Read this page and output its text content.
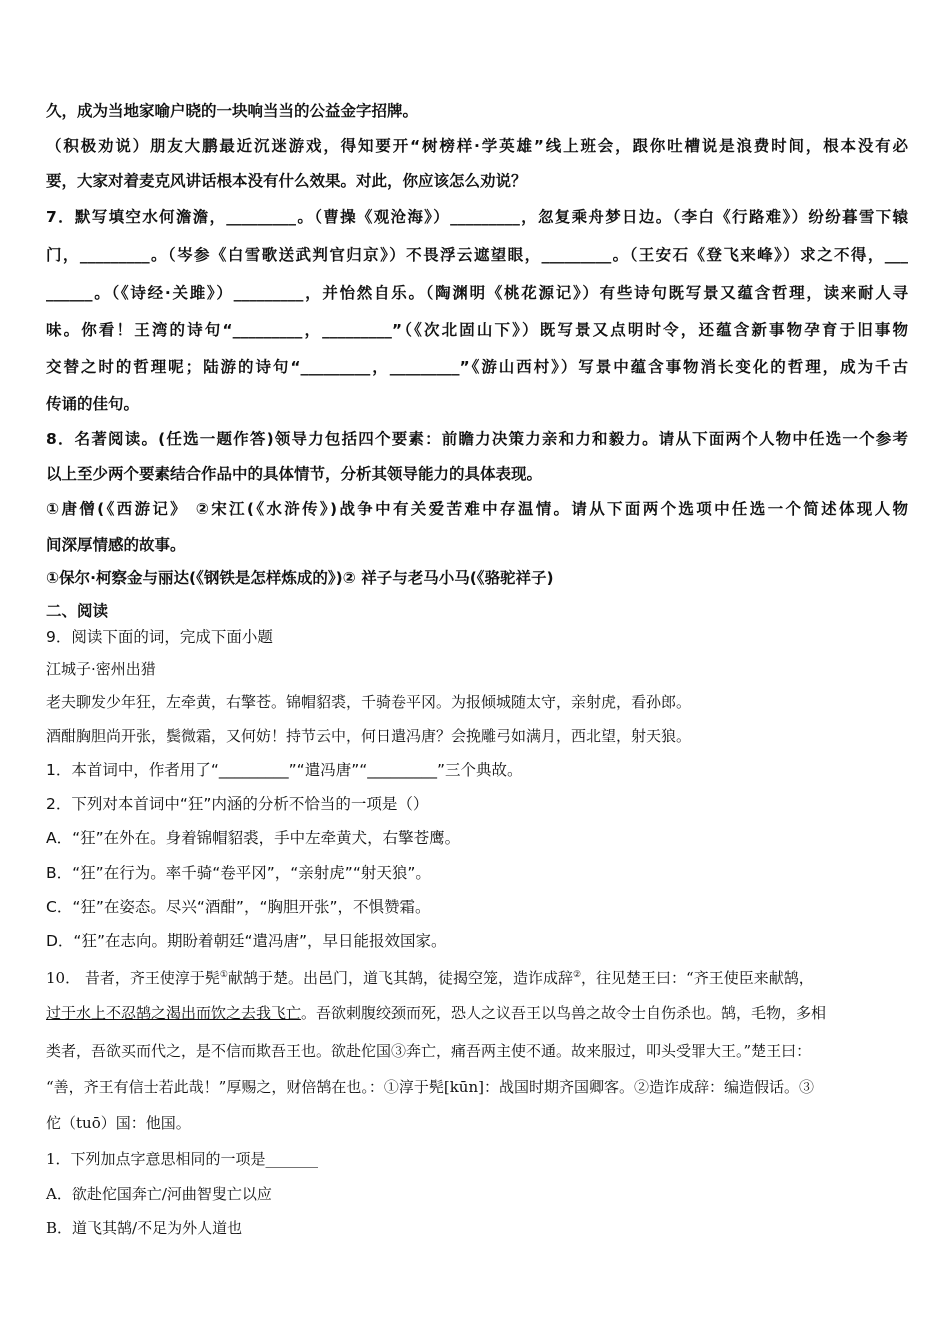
久，成为当地家喻户晓的一块响当当的公益金字招牌。
（积极劝说）朋友大鹏最近沉迷游戏，得知要开“树榜样·学英雄”线上班会，跟你吐槽说是浪费时间，根本没有必
要，大家对着麦克风讲话根本没有什么效果。对此，你应该怎么劝说？
7．默写填空水何澹澹，_________。（曹操《观沧海》）_________，忽复乘舟梦日边。（李白《行路难》）纷纷暮雪下辕
门，_________。（岑参《白雪歌送武判官归京》）不畏浮云遮望眼，_________。（王安石《登飞来峰》）求之不得，___
______。（《诗经·关雎》）_________，并怡然自乐。（陶渊明《桃花源记》）有些诗句既写景又蕴含哲理，读来耐人寻
味。你看！王湾的诗句“_________，_________”（《次北固山下》）既写景又点明时令，还蕴含新事物孕育于旧事物
交替之时的哲理呢；陆游的诗句“_________，_________”《游山西村》）写景中蕴含事物消长变化的哲理，成为千古
传诵的佳句。
8．名著阅读。(任选一题作答)领导力包括四个要素：前瞻力决策力亲和力和毅力。请从下面两个人物中任选一个参考
以上至少两个要素结合作品中的具体情节，分析其领导能力的具体表现。
①唐僧(《西游记》 ②宋江(《水浒传》)战争中有关爱苦难中存温情。请从下面两个选项中任选一个简述体现人物
间深厚情感的故事。
①保尔·柯察金与丽达(《钢铁是怎样炼成的》)② 祥子与老马小马(《骆驼祥子)
二、阅读
9．阅读下面的词，完成下面小题
江城子·密州出猎
老夫聊发少年狂，左牵黄，右擎苍。锦帽貂裘，千骑卷平冈。为报倾城随太守，亲射虎，看孙郎。
酒酣胸胆尚开张，鬓微霜，又何妨！持节云中，何日遣冯唐？会挽雕弓如满月，西北望，射天狼。
1．本首词中，作者用了“_________”“遣冯唐”“_________”三个典故。
2．下列对本首词中“狂”内涵的分析不恰当的一项是（）
A．“狂”在外在。身着锦帽貂裘，手中左牵黄犬，右擎苍鹰。
B．“狂”在行为。率千骑“卷平冈”，“亲射虎”“射天狼”。
C．“狂”在姿态。尽兴“酒酣”，“胸胆开张”，不惧赞霜。
D．“狂”在志向。期盼着朝廷“遣冯唐”，早日能报效国家。
10． 昔者，齐王使淳于髡①献鹄于楚。出邑门，道飞其鹄，徒揭空笼，造诈成辞②，往见楚王曰：“齐王使臣来献鹄，
过于水上不忍鹄之渴出而饮之去我飞亡。吾欲刺腹绞颈而死，恐人之议吾王以鸟兽之故令士自伤杀也。鹄，毛物，多相
类者，吾欲买而代之，是不信而欺吾王也。欲赴佗国③奔亡，痛吾两主使不通。故来服过，叩头受罪大王。”楚王曰：
“善，齐王有信士若此哉！”厚赐之，财倍鹄在也。：①淳于髡[kūn]：战国时期齐国卿客。②造诈成辞：编造假话。③
佗（tuō）国：他国。
1．下列加点字意思相同的一项是_______
A．欲赴佗国奔亡/河曲智叟亡以应
B．道飞其鹄/不足为外人道也
